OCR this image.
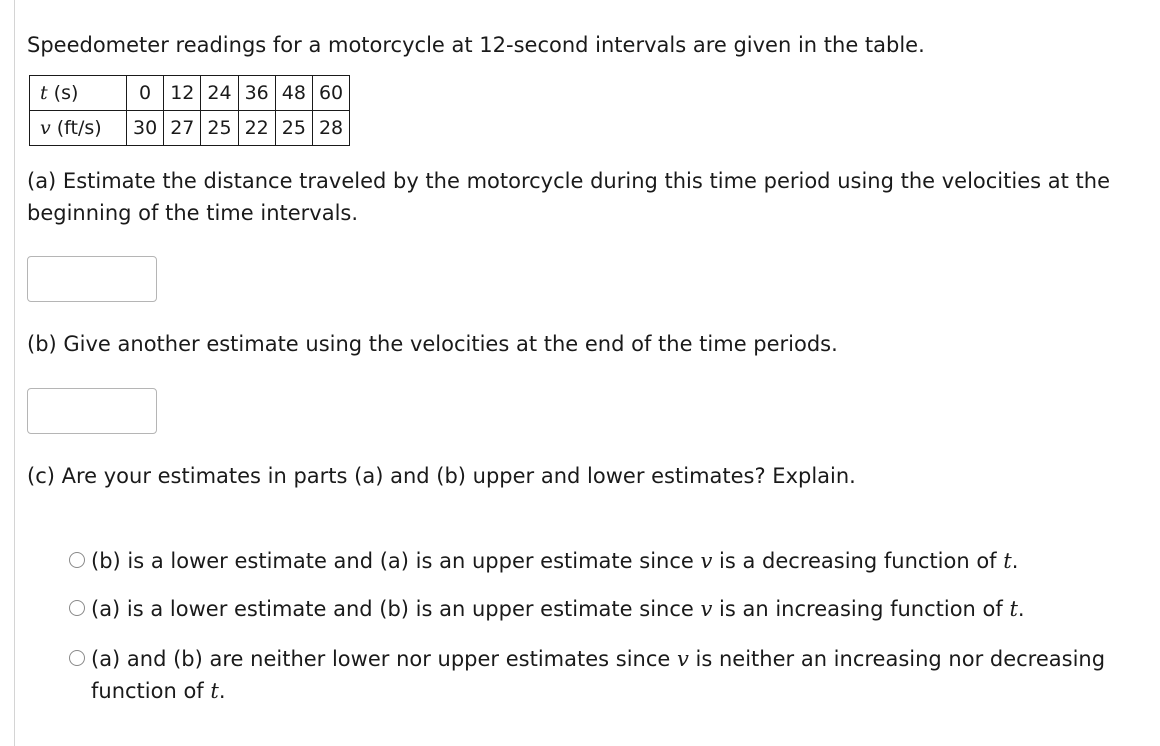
Speedometer readings for a motorcycle at 12-second intervals are given in the table.
t (s)	0	12	24	36	48	60
v (ft/s)	30	27	25	22	25	28
(a) Estimate the distance traveled by the motorcycle during this time period using the velocities at the beginning of the time intervals.
(b) Give another estimate using the velocities at the end of the time periods.
(c) Are your estimates in parts (a) and (b) upper and lower estimates? Explain.
(b) is a lower estimate and (a) is an upper estimate since v is a decreasing function of t.
(a) is a lower estimate and (b) is an upper estimate since v is an increasing function of t.
(a) and (b) are neither lower nor upper estimates since v is neither an increasing nor decreasing function of t.
